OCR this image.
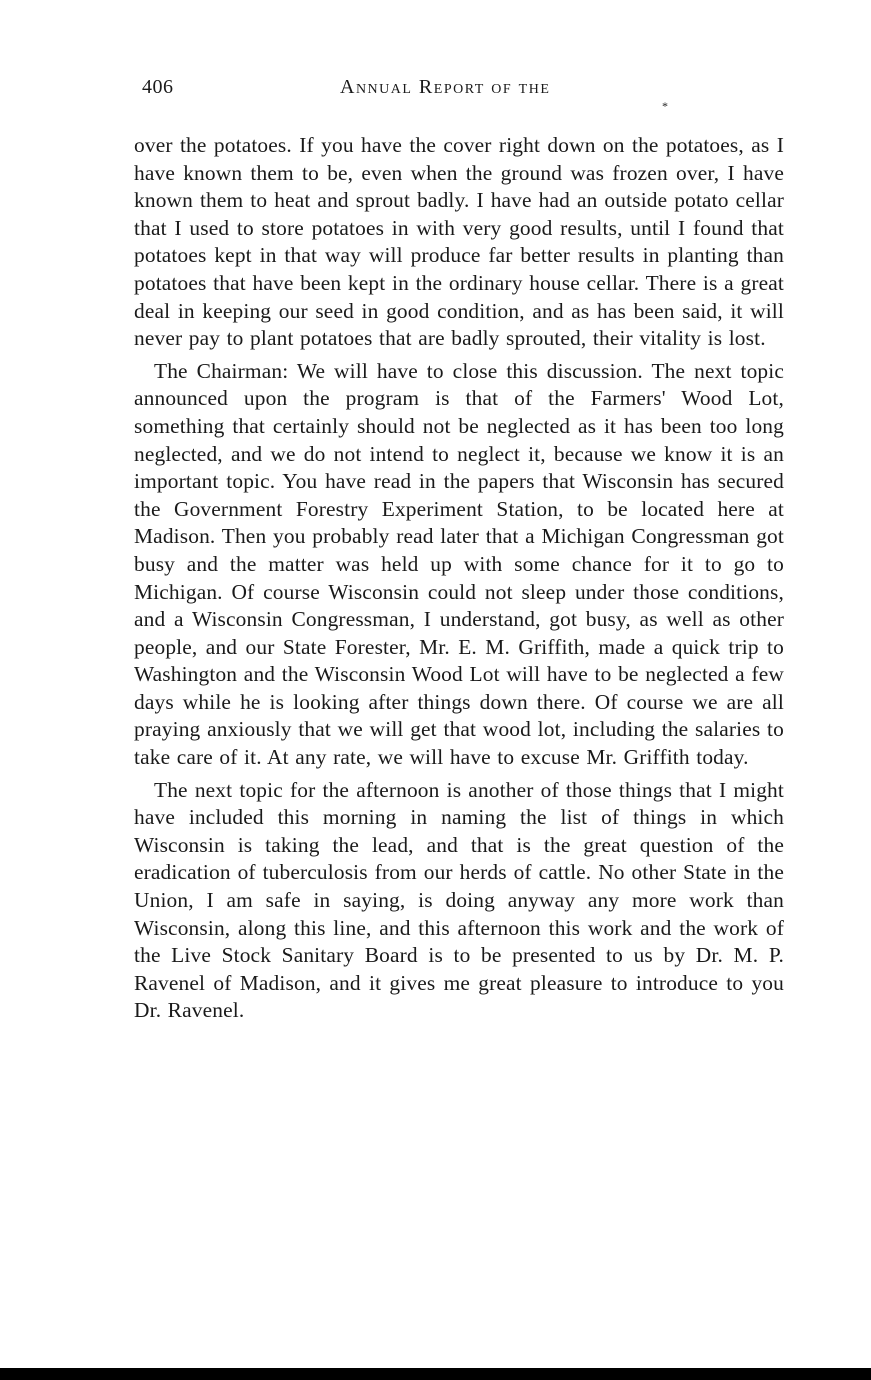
406	Annual Report of the
*

over the potatoes. If you have the cover right down on the potatoes, as I have known them to be, even when the ground was frozen over, I have known them to heat and sprout badly. I have had an outside potato cellar that I used to store potatoes in with very good results, until I found that potatoes kept in that way will produce far better results in planting than potatoes that have been kept in the ordinary house cellar. There is a great deal in keeping our seed in good condition, and as has been said, it will never pay to plant potatoes that are badly sprouted, their vitality is lost.

The Chairman: We will have to close this discussion. The next topic announced upon the program is that of the Farmers' Wood Lot, something that certainly should not be neglected as it has been too long neglected, and we do not intend to neglect it, because we know it is an important topic. You have read in the papers that Wisconsin has secured the Government Forestry Experiment Station, to be located here at Madison. Then you probably read later that a Michigan Congressman got busy and the matter was held up with some chance for it to go to Michigan. Of course Wisconsin could not sleep under those conditions, and a Wisconsin Congressman, I understand, got busy, as well as other people, and our State Forester, Mr. E. M. Griffith, made a quick trip to Washington and the Wisconsin Wood Lot will have to be neglected a few days while he is looking after things down there. Of course we are all praying anxiously that we will get that wood lot, including the salaries to take care of it. At any rate, we will have to excuse Mr. Griffith today.

The next topic for the afternoon is another of those things that I might have included this morning in naming the list of things in which Wisconsin is taking the lead, and that is the great question of the eradication of tuberculosis from our herds of cattle. No other State in the Union, I am safe in saying, is doing anyway any more work than Wisconsin, along this line, and this afternoon this work and the work of the Live Stock Sanitary Board is to be presented to us by Dr. M. P. Ravenel of Madison, and it gives me great pleasure to introduce to you Dr. Ravenel.
